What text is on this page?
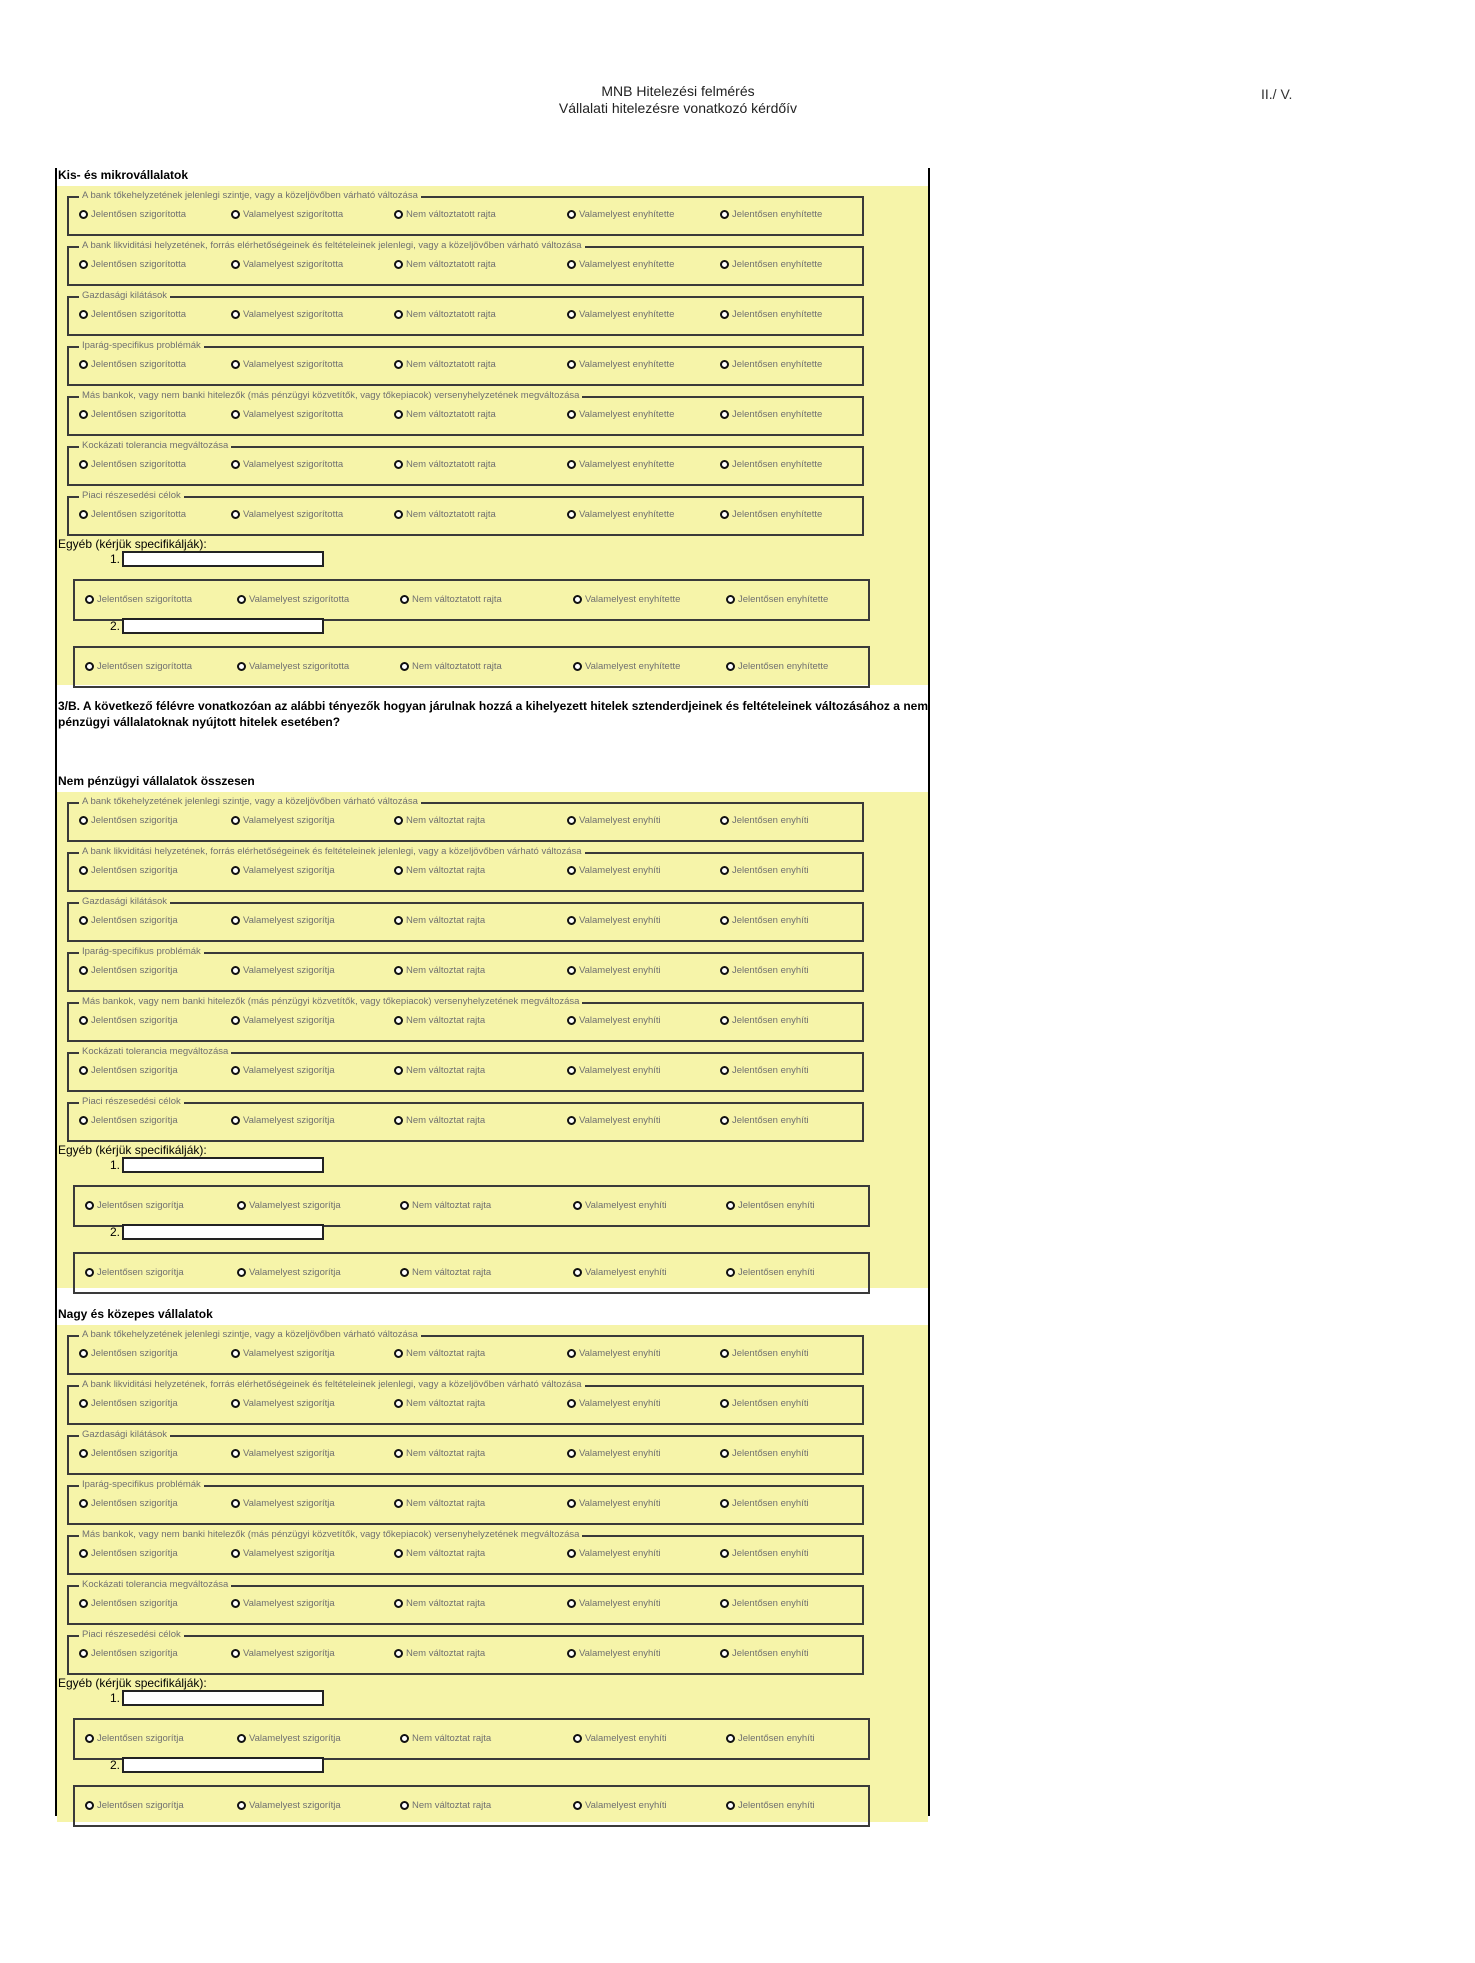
MNB Hitelezési felmérés
Vállalati hitelezésre vonatkozó kérdőív
II./ V.
Kis- és mikrovállalatok
A bank tőkehelyzetének jelenlegi szintje, vagy a közeljövőben várható változása
Jelentősen szigorította	Valamelyest szigorította	Nem változtatott rajta	Valamelyest enyhítette	Jelentősen enyhítette
A bank likviditási helyzetének, forrás elérhetőségeinek és feltételeinek jelenlegi, vagy a közeljövőben várható változása
Jelentősen szigorította	Valamelyest szigorította	Nem változtatott rajta	Valamelyest enyhítette	Jelentősen enyhítette
Gazdasági kilátások
Jelentősen szigorította	Valamelyest szigorította	Nem változtatott rajta	Valamelyest enyhítette	Jelentősen enyhítette
Iparág-specifikus problémák
Jelentősen szigorította	Valamelyest szigorította	Nem változtatott rajta	Valamelyest enyhítette	Jelentősen enyhítette
Más bankok, vagy nem banki hitelezők (más pénzügyi közvetítők, vagy tőkepiacok) versenyhelyzetének megváltozása
Jelentősen szigorította	Valamelyest szigorította	Nem változtatott rajta	Valamelyest enyhítette	Jelentősen enyhítette
Kockázati tolerancia megváltozása
Jelentősen szigorította	Valamelyest szigorította	Nem változtatott rajta	Valamelyest enyhítette	Jelentősen enyhítette
Piaci részesedési célok
Jelentősen szigorította	Valamelyest szigorította	Nem változtatott rajta	Valamelyest enyhítette	Jelentősen enyhítette
Egyéb (kérjük specifikálják):
1.
Jelentősen szigorította	Valamelyest szigorította	Nem változtatott rajta	Valamelyest enyhítette	Jelentősen enyhítette
2.
Jelentősen szigorította	Valamelyest szigorította	Nem változtatott rajta	Valamelyest enyhítette	Jelentősen enyhítette
Nem pénzügyi vállalatok összesen
A bank tőkehelyzetének jelenlegi szintje, vagy a közeljövőben várható változása
Jelentősen szigorítja	Valamelyest szigorítja	Nem változtat rajta	Valamelyest enyhíti	Jelentősen enyhíti
A bank likviditási helyzetének, forrás elérhetőségeinek és feltételeinek jelenlegi, vagy a közeljövőben várható változása
Jelentősen szigorítja	Valamelyest szigorítja	Nem változtat rajta	Valamelyest enyhíti	Jelentősen enyhíti
Gazdasági kilátások
Jelentősen szigorítja	Valamelyest szigorítja	Nem változtat rajta	Valamelyest enyhíti	Jelentősen enyhíti
Iparág-specifikus problémák
Jelentősen szigorítja	Valamelyest szigorítja	Nem változtat rajta	Valamelyest enyhíti	Jelentősen enyhíti
Más bankok, vagy nem banki hitelezők (más pénzügyi közvetítők, vagy tőkepiacok) versenyhelyzetének megváltozása
Jelentősen szigorítja	Valamelyest szigorítja	Nem változtat rajta	Valamelyest enyhíti	Jelentősen enyhíti
Kockázati tolerancia megváltozása
Jelentősen szigorítja	Valamelyest szigorítja	Nem változtat rajta	Valamelyest enyhíti	Jelentősen enyhíti
Piaci részesedési célok
Jelentősen szigorítja	Valamelyest szigorítja	Nem változtat rajta	Valamelyest enyhíti	Jelentősen enyhíti
Egyéb (kérjük specifikálják):
1.
Jelentősen szigorítja	Valamelyest szigorítja	Nem változtat rajta	Valamelyest enyhíti	Jelentősen enyhíti
2.
Jelentősen szigorítja	Valamelyest szigorítja	Nem változtat rajta	Valamelyest enyhíti	Jelentősen enyhíti
Nagy és közepes vállalatok
A bank tőkehelyzetének jelenlegi szintje, vagy a közeljövőben várható változása
Jelentősen szigorítja	Valamelyest szigorítja	Nem változtat rajta	Valamelyest enyhíti	Jelentősen enyhíti
A bank likviditási helyzetének, forrás elérhetőségeinek és feltételeinek jelenlegi, vagy a közeljövőben várható változása
Jelentősen szigorítja	Valamelyest szigorítja	Nem változtat rajta	Valamelyest enyhíti	Jelentősen enyhíti
Gazdasági kilátások
Jelentősen szigorítja	Valamelyest szigorítja	Nem változtat rajta	Valamelyest enyhíti	Jelentősen enyhíti
Iparág-specifikus problémák
Jelentősen szigorítja	Valamelyest szigorítja	Nem változtat rajta	Valamelyest enyhíti	Jelentősen enyhíti
Más bankok, vagy nem banki hitelezők (más pénzügyi közvetítők, vagy tőkepiacok) versenyhelyzetének megváltozása
Jelentősen szigorítja	Valamelyest szigorítja	Nem változtat rajta	Valamelyest enyhíti	Jelentősen enyhíti
Kockázati tolerancia megváltozása
Jelentősen szigorítja	Valamelyest szigorítja	Nem változtat rajta	Valamelyest enyhíti	Jelentősen enyhíti
Piaci részesedési célok
Jelentősen szigorítja	Valamelyest szigorítja	Nem változtat rajta	Valamelyest enyhíti	Jelentősen enyhíti
Egyéb (kérjük specifikálják):
1.
Jelentősen szigorítja	Valamelyest szigorítja	Nem változtat rajta	Valamelyest enyhíti	Jelentősen enyhíti
2.
Jelentősen szigorítja	Valamelyest szigorítja	Nem változtat rajta	Valamelyest enyhíti	Jelentősen enyhíti
3/B. A következő félévre vonatkozóan az alábbi tényezők hogyan járulnak hozzá a kihelyezett hitelek sztenderdjeinek és feltételeinek változásához a nem pénzügyi vállalatoknak nyújtott hitelek esetében?
